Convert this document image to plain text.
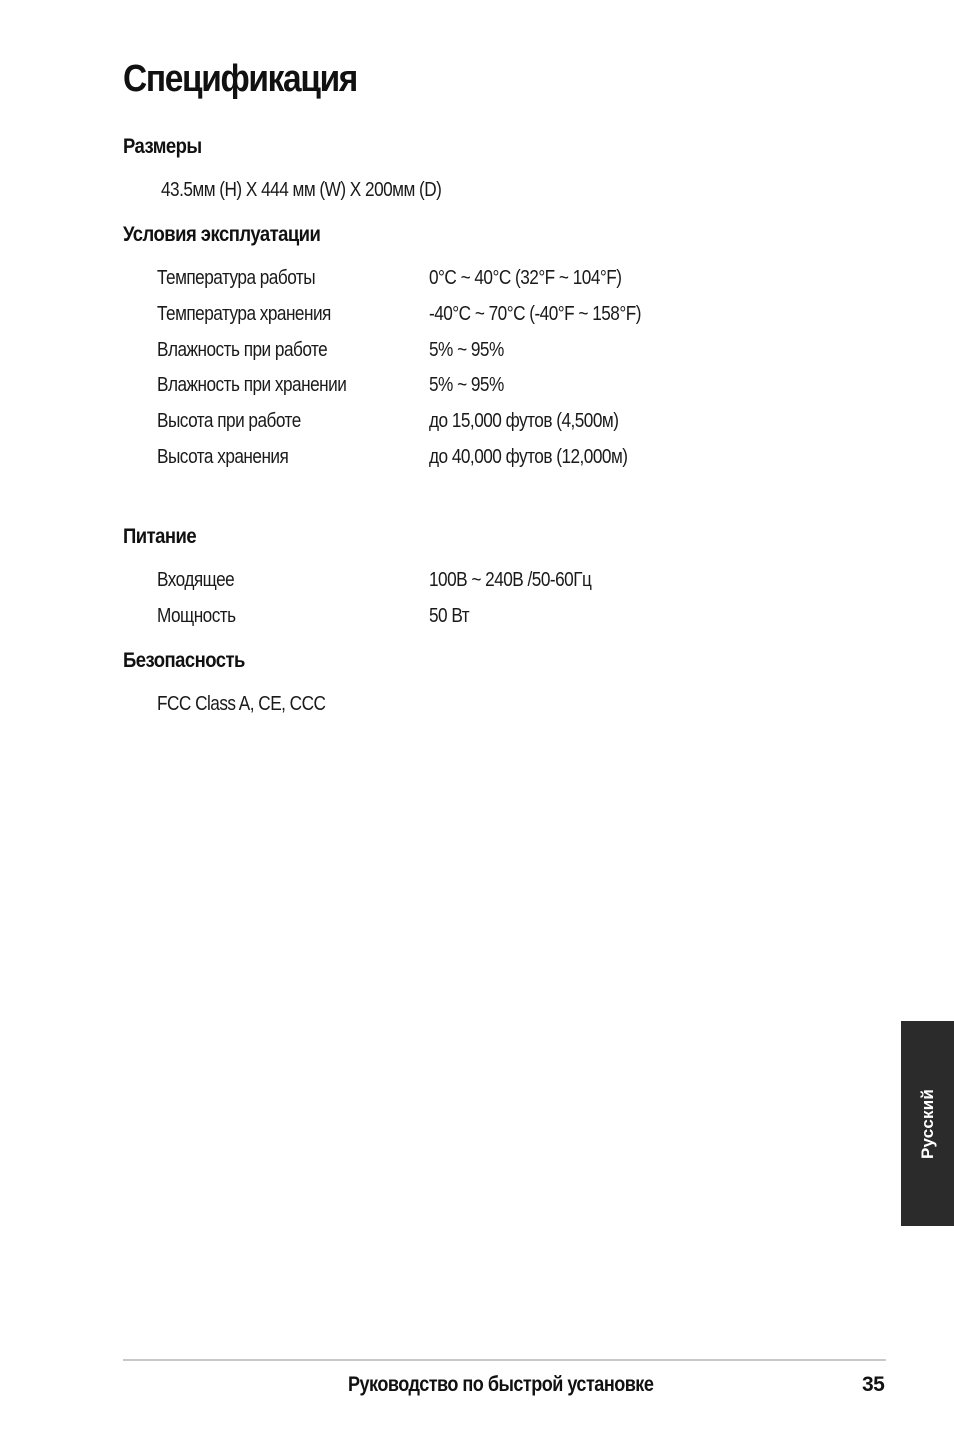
Спецификация
Размеры
43.5мм (H) X 444 мм (W) X 200мм (D)
Условия эксплуатации
Температура работы	0°C ~ 40°C (32°F ~ 104°F)
Температура хранения	-40°C ~ 70°C (-40°F ~ 158°F)
Влажность при работе	5% ~ 95%
Влажность при хранении	5% ~ 95%
Высота при работе	до 15,000 футов (4,500м)
Высота хранения	до 40,000 футов (12,000м)
Питание
Входящее	100В ~ 240В /50-60Гц
Мощность	50 Вт
Безопасность
FCC Class A, CE, CCC
Русский
Руководство по быстрой установке	35
